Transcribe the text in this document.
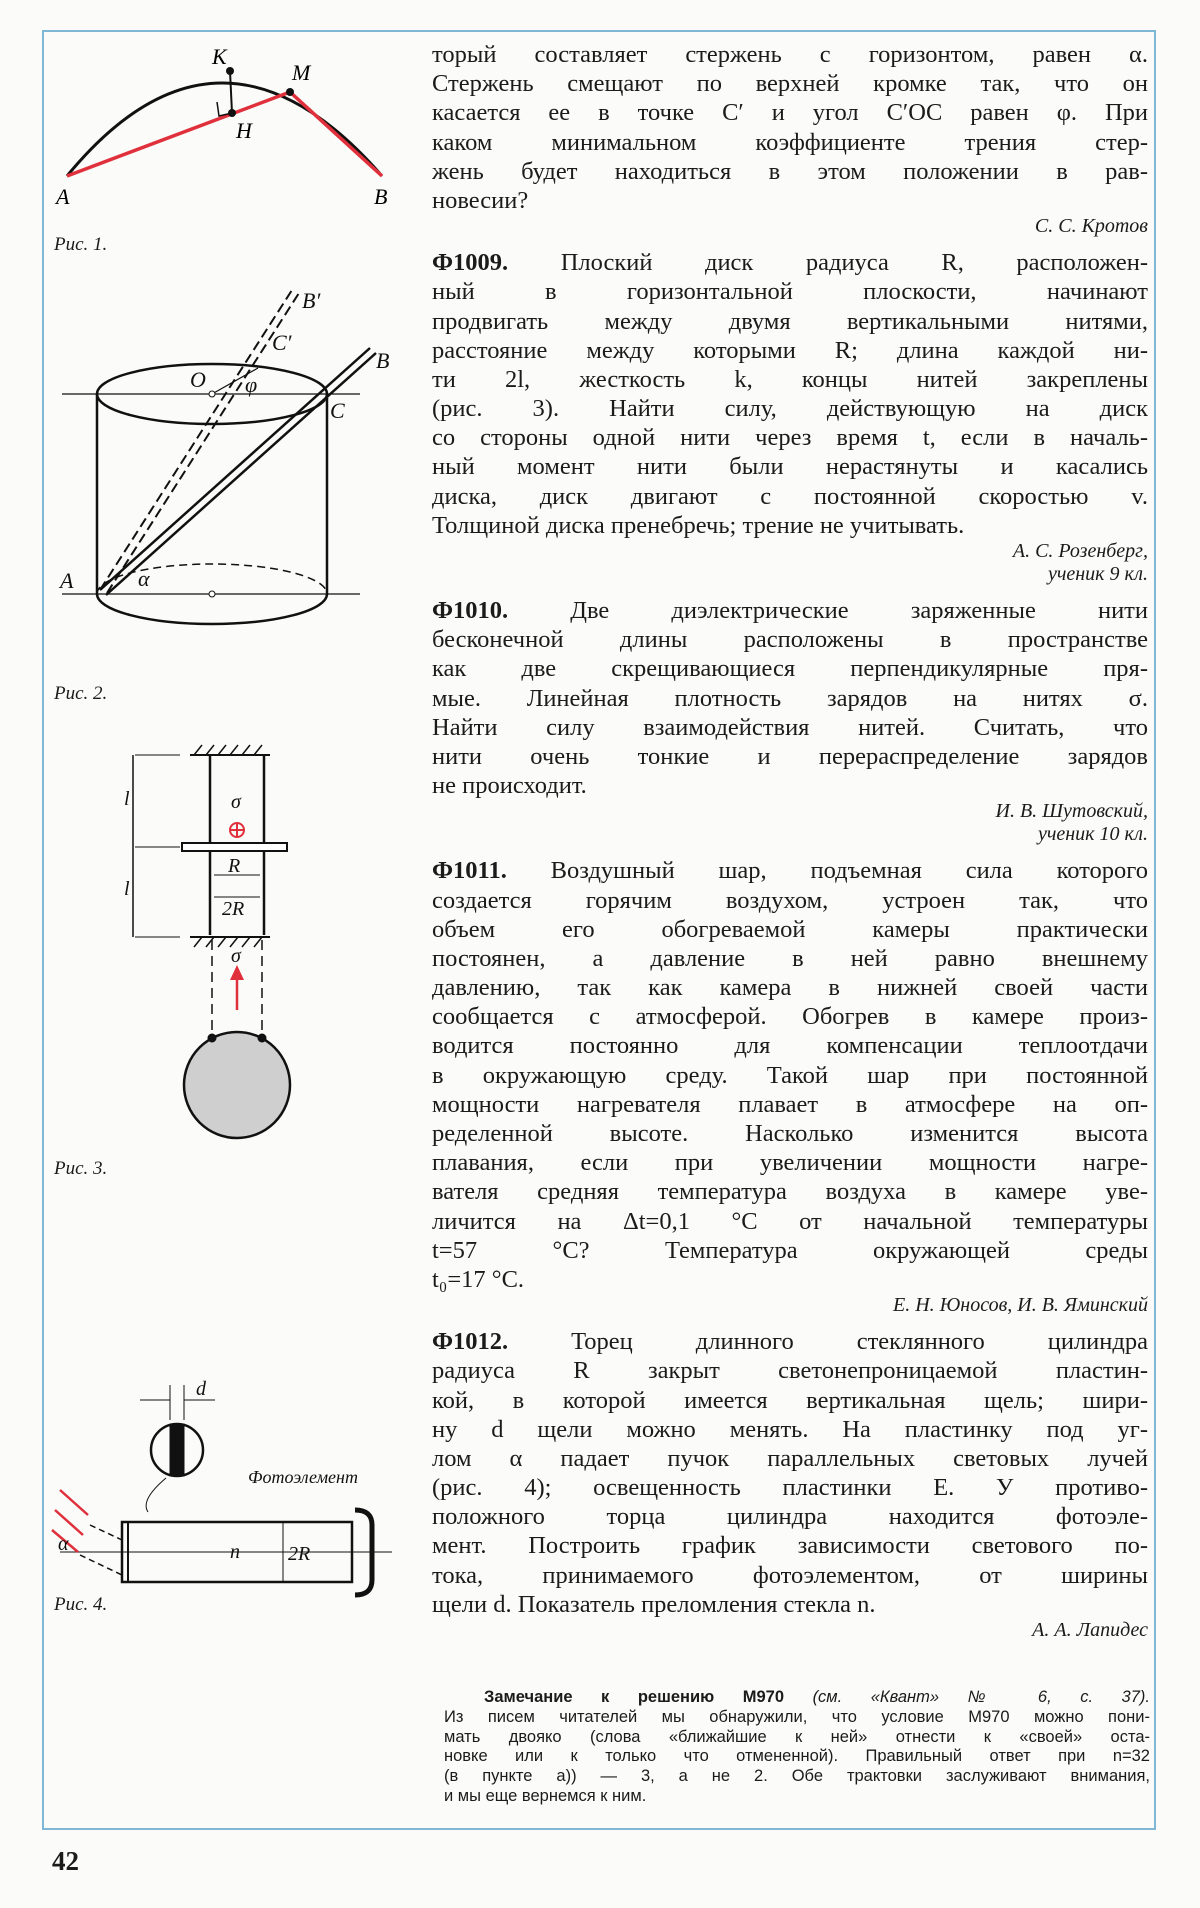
K
M
H
A	B
B′
C′
O φ
B
C
A	α
l
l
σ
R
2R
σ
d
Фотоэлемент
α	n 2R
Рис. 1.
Рис. 2.
Рис. 3.
Рис. 4.
торый составляет стержень с горизонтом, равен α.
Стержень смещают по верхней кромке так, что он
касается ее в точке C′ и угол C′OC равен φ. При
каком минимальном коэффициенте трения стер-
жень будет находиться в этом положении в рав-
новесии?
С. С. Кротов
Ф1009. Плоский диск радиуса R, расположен-
ный в горизонтальной плоскости, начинают
продвигать между двумя вертикальными нитями,
расстояние между которыми R; длина каждой ни-
ти 2l, жесткость k, концы нитей закреплены
(рис. 3). Найти силу, действующую на диск
со стороны одной нити через время t, если в началь-
ный момент нити были нерастянуты и касались
диска, диск двигают с постоянной скоростью v.
Толщиной диска пренебречь; трение не учитывать.
А. С. Розенберг,
ученик 9 кл.
Ф1010.	Две диэлектрические заряженные нити
бесконечной длины расположены в пространстве
как две скрещивающиеся перпендикулярные пря-
мые. Линейная плотность зарядов на нитях σ.
Найти силу взаимодействия нитей. Считать, что
нити очень тонкие и перераспределение зарядов
не происходит.
И. В. Шутовский,
ученик 10 кл.
Ф1011. Воздушный шар, подъемная сила которого
создается горячим воздухом, устроен так, что
объем его обогреваемой камеры практически
постоянен, а давление в ней равно внешнему
давлению, так как камера в нижней своей части
сообщается с атмосферой. Обогрев в камере произ-
водится постоянно для компенсации теплоотдачи
в окружающую среду. Такой шар при постоянной
мощности нагревателя плавает в атмосфере на оп-
ределенной высоте. Насколько изменится высота
плавания, если при увеличении мощности нагре-
вателя средняя температура воздуха в камере уве-
личится на Δt=0,1 °C от начальной температуры
t=57 °C? Температура окружающей среды
t₀=17 °C.
Е. Н. Юносов, И. В. Яминский
Ф1012.	Торец длинного стеклянного цилиндра
радиуса R закрыт светонепроницаемой пластин-
кой, в которой имеется вертикальная щель; шири-
ну d щели можно менять. На пластинку под уг-
лом α падает пучок параллельных световых лучей
(рис. 4); освещенность пластинки E. У противо-
положного торца цилиндра находится фотоэле-
мент. Построить график зависимости светового по-
тока, принимаемого фотоэлементом, от ширины
щели d. Показатель преломления стекла n.
А. А. Лапидес
Замечание к решению М970 (см. «Квант» № 6, с. 37).
Из писем читателей мы обнаружили, что условие М970 можно пони-
мать двояко (слова «ближайшие к ней» отнести к «своей» оста-
новке или к только что отмененной). Правильный ответ при n=32
(в пункте а)) — 3, а не 2. Обе трактовки заслуживают внимания,
и мы еще вернемся к ним.
42
